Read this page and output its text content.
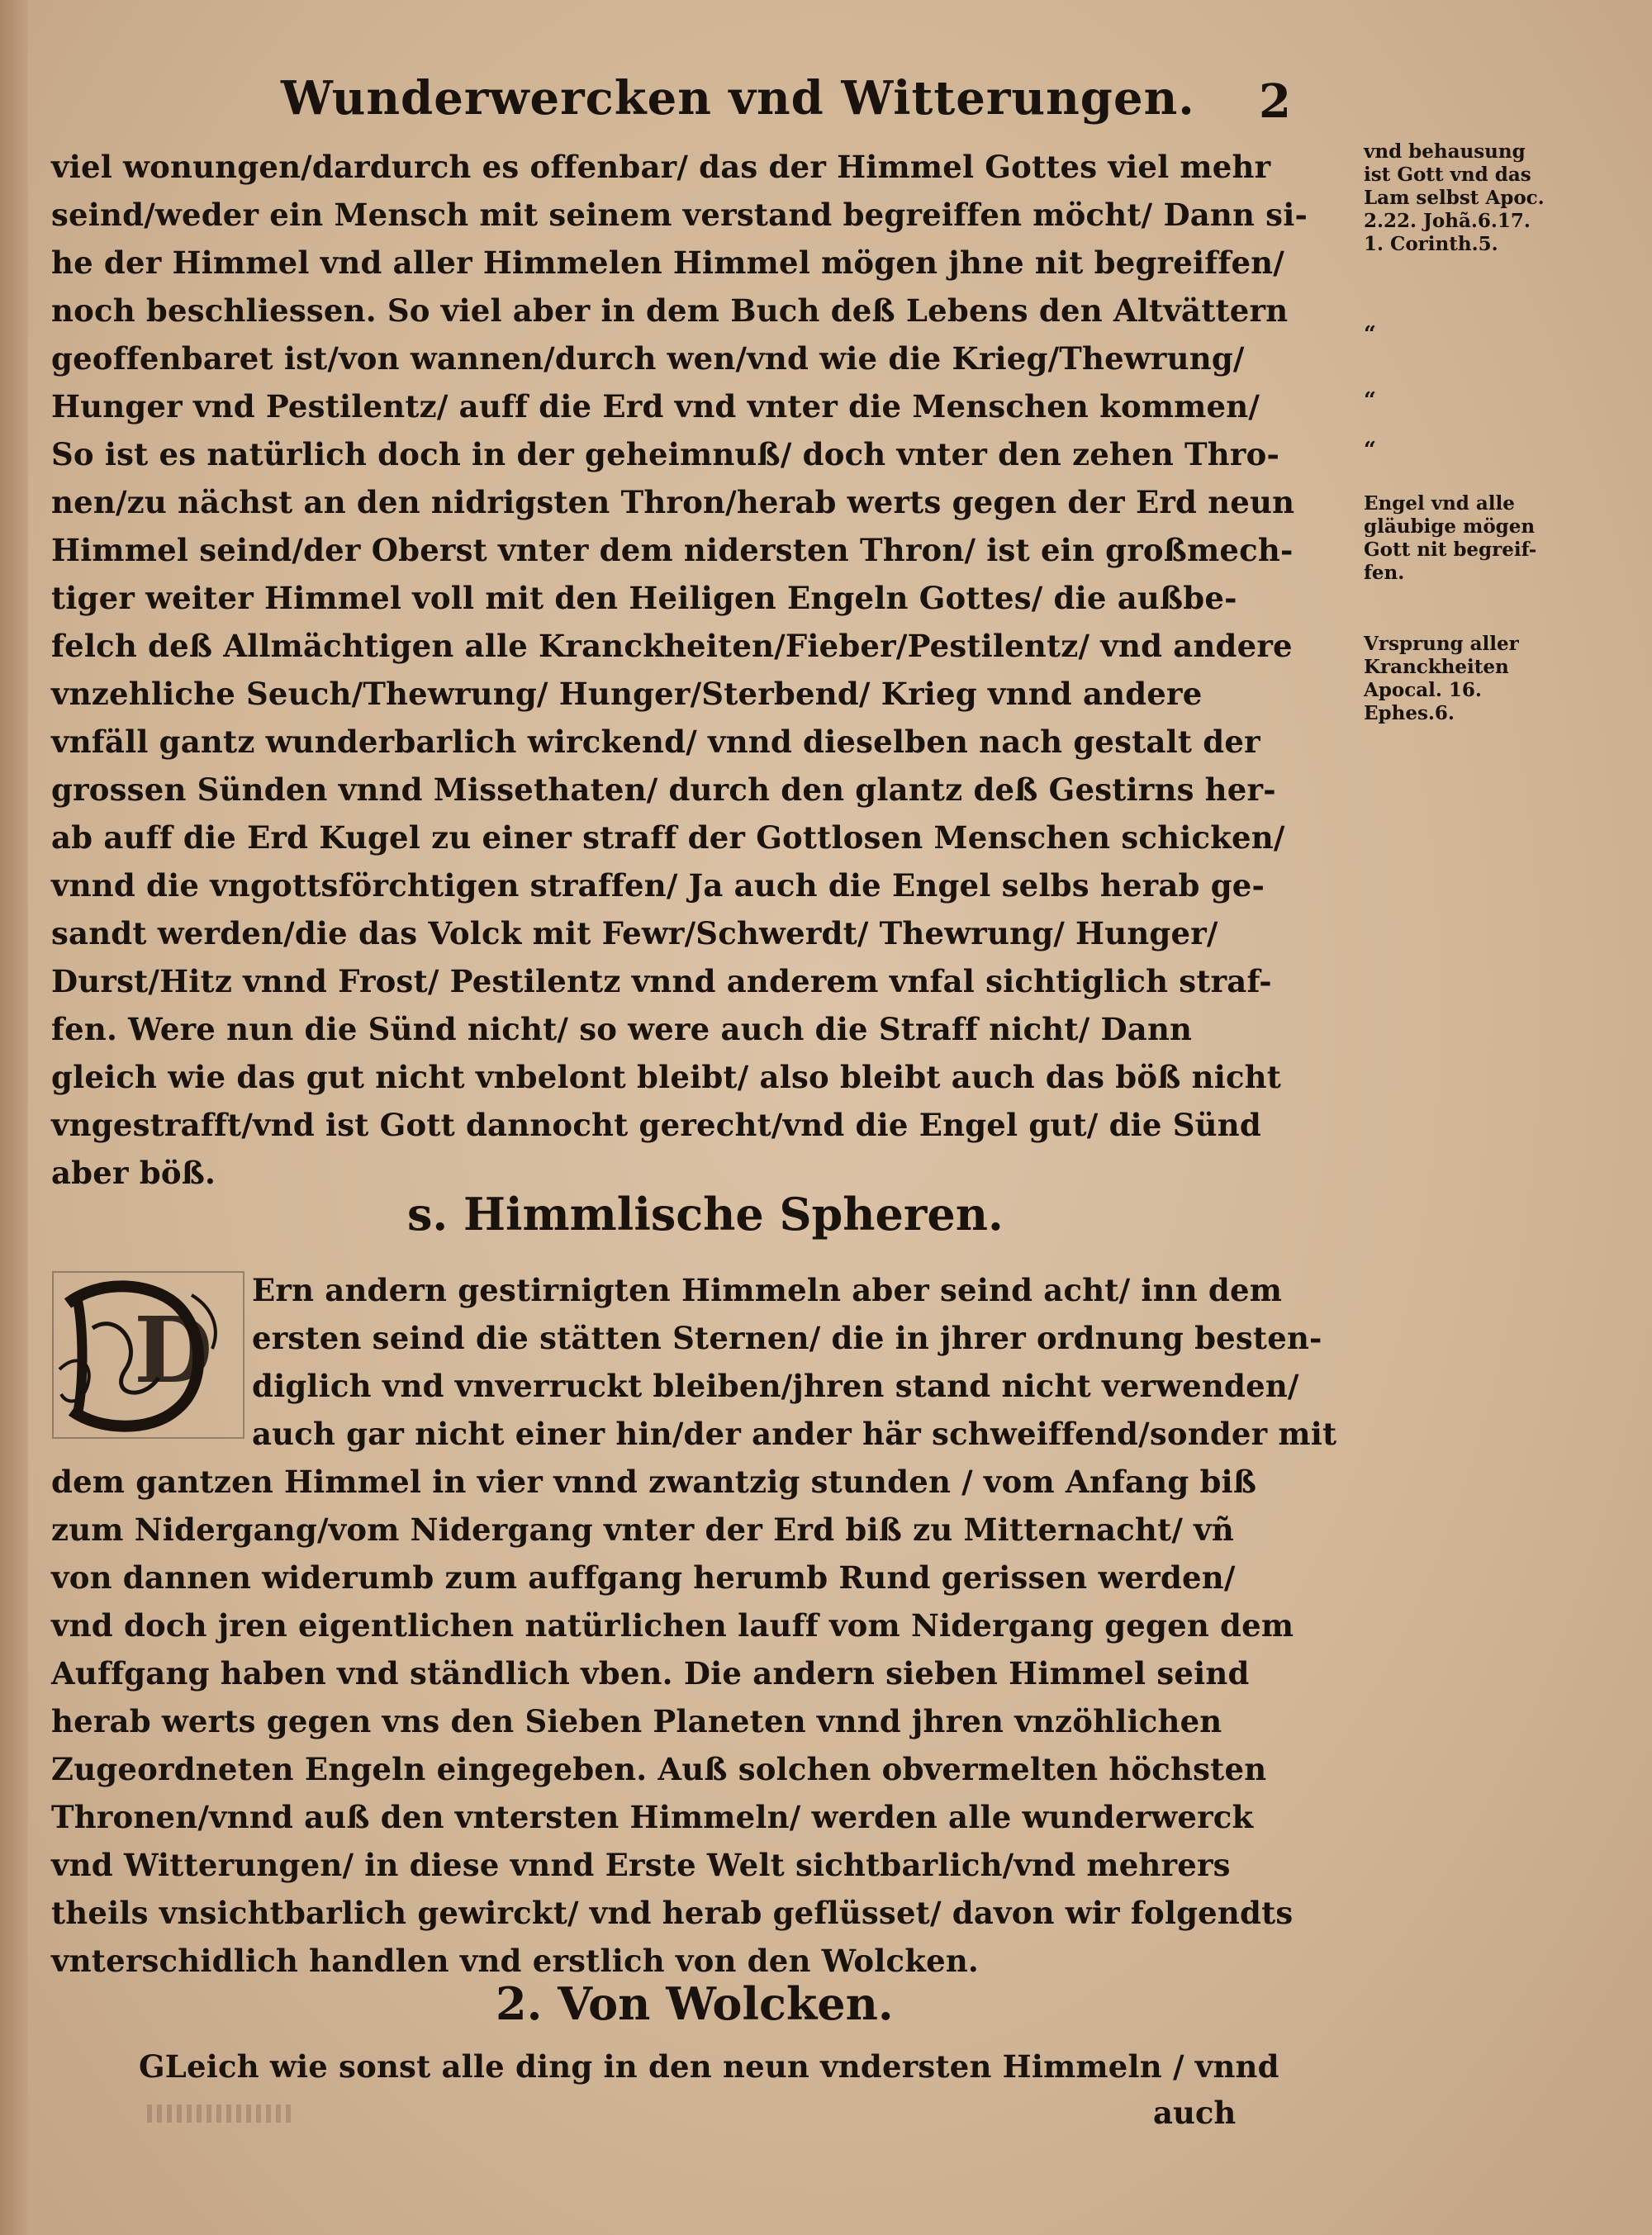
Wunderwercken vnd Witterungen. 2
viel wonungen/dardurch es offenbar/ das der Himmel Gottes viel mehr
seind/weder ein Mensch mit seinem verstand begreiffen möcht/ Dann si-
he der Himmel vnd aller Himmelen Himmel mögen jhne nit begreiffen/
noch beschliessen. So viel aber in dem Buch deß Lebens den Altvättern
geoffenbaret ist/von wannen/durch wen/vnd wie die Krieg/Thewrung/
Hunger vnd Pestilentz/ auff die Erd vnd vnter die Menschen kommen/
So ist es natürlich doch in der geheimnuß/ doch vnter den zehen Thro-
nen/zu nächst an den nidrigsten Thron/herab werts gegen der Erd neun
Himmel seind/der Oberst vnter dem nidersten Thron/ ist ein großmech-
tiger weiter Himmel voll mit den Heiligen Engeln Gottes/ die außbe-
felch deß Allmächtigen alle Kranckheiten/Fieber/Pestilentz/ vnd andere
vnzehliche Seuch/Thewrung/ Hunger/Sterbend/ Krieg vnnd andere
vnfäll gantz wunderbarlich wirckend/ vnnd dieselben nach gestalt der
grossen Sünden vnnd Missethaten/ durch den glantz deß Gestirns her-
ab auff die Erd Kugel zu einer straff der Gottlosen Menschen schicken/
vnnd die vngottsförchtigen straffen/ Ja auch die Engel selbs herab ge-
sandt werden/die das Volck mit Fewr/Schwerdt/ Thewrung/ Hunger/
Durst/Hitz vnnd Frost/ Pestilentz vnnd anderem vnfal sichtiglich straf-
fen. Were nun die Sünd nicht/ so were auch die Straff nicht/ Dann
gleich wie das gut nicht vnbelont bleibt/ also bleibt auch das böß nicht
vngestrafft/vnd ist Gott dannocht gerecht/vnd die Engel gut/ die Sünd
aber böß.
s. Himmlische Spheren.
D
Ern andern gestirnigten Himmeln aber seind acht/ inn dem
ersten seind die stätten Sternen/ die in jhrer ordnung besten-
diglich vnd vnverruckt bleiben/jhren stand nicht verwenden/
auch gar nicht einer hin/der ander här schweiffend/sonder mit
dem gantzen Himmel in vier vnnd zwantzig stunden / vom Anfang biß
zum Nidergang/vom Nidergang vnter der Erd biß zu Mitternacht/ vñ
von dannen widerumb zum auffgang herumb Rund gerissen werden/
vnd doch jren eigentlichen natürlichen lauff vom Nidergang gegen dem
Auffgang haben vnd ständlich vben. Die andern sieben Himmel seind
herab werts gegen vns den Sieben Planeten vnnd jhren vnzöhlichen
Zugeordneten Engeln eingegeben. Auß solchen obvermelten höchsten
Thronen/vnnd auß den vntersten Himmeln/ werden alle wunderwerck
vnd Witterungen/ in diese vnnd Erste Welt sichtbarlich/vnd mehrers
theils vnsichtbarlich gewirckt/ vnd herab geflüsset/ davon wir folgendts
vnterschidlich handlen vnd erstlich von den Wolcken.
2. Von Wolcken.
GLeich wie sonst alle ding in den neun vndersten Himmeln / vnnd
auch
vnd behausung
ist Gott vnd das
Lam selbst Apoc.
2.22. Johã.6.17.
1. Corinth.5.
“
“
“
Engel vnd alle
gläubige mögen
Gott nit begreif-
fen.
Vrsprung aller
Kranckheiten
Apocal. 16.
Ephes.6.
